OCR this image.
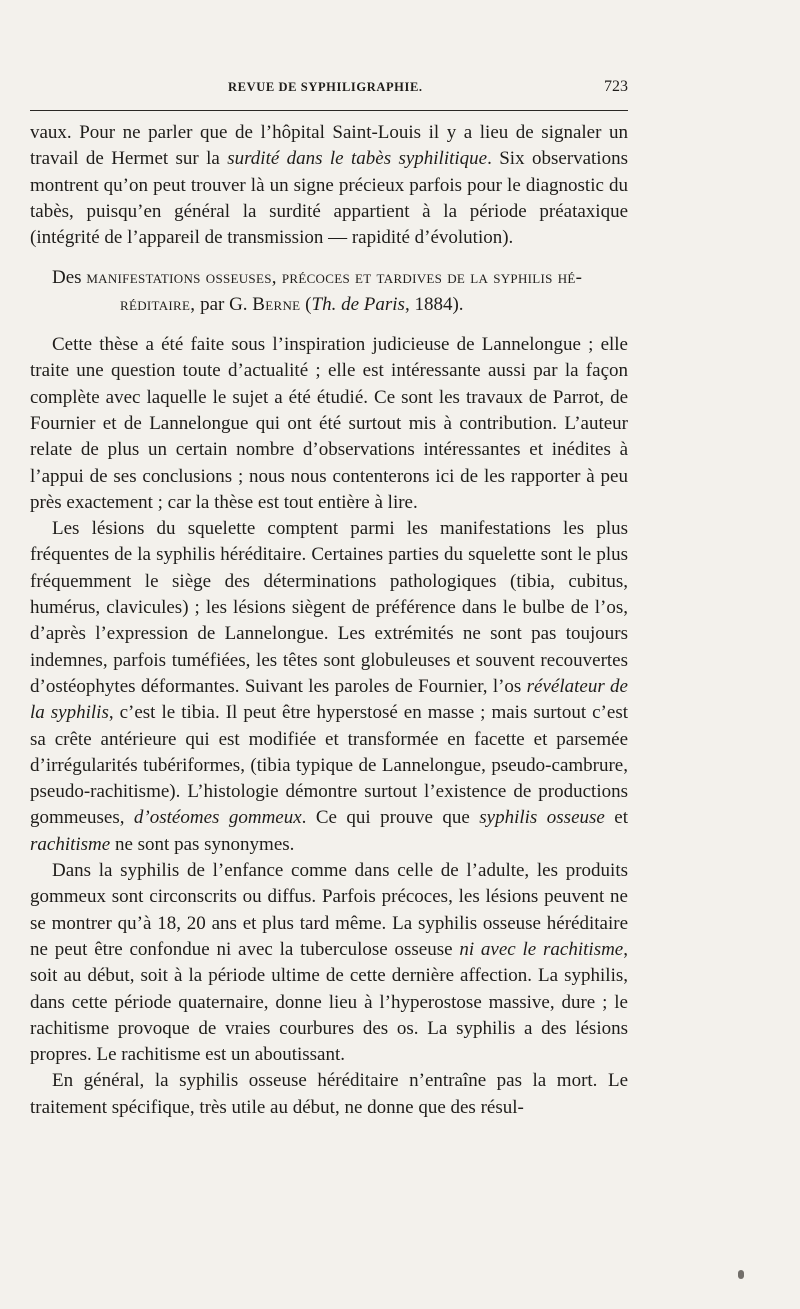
REVUE DE SYPHILIGRAPHIE.	723

vaux. Pour ne parler que de l’hôpital Saint-Louis il y a lieu de signaler un travail de Hermet sur la surdité dans le tabès syphilitique. Six observations montrent qu’on peut trouver là un signe précieux parfois pour le diagnostic du tabès, puisqu’en général la surdité appartient à la période préataxique (intégrité de l’appareil de transmission — rapidité d’évolution).

Des manifestations osseuses, précoces et tardives de la syphilis hé-
réditaire, par G. Berne (Th. de Paris, 1884).

Cette thèse a été faite sous l’inspiration judicieuse de Lannelongue ; elle traite une question toute d’actualité ; elle est intéressante aussi par la façon complète avec laquelle le sujet a été étudié. Ce sont les travaux de Parrot, de Fournier et de Lannelongue qui ont été surtout mis à contribution. L’auteur relate de plus un certain nombre d’observations intéressantes et inédites à l’appui de ses conclusions ; nous nous contenterons ici de les rapporter à peu près exactement ; car la thèse est tout entière à lire.

Les lésions du squelette comptent parmi les manifestations les plus fréquentes de la syphilis héréditaire. Certaines parties du squelette sont le plus fréquemment le siège des déterminations pathologiques (tibia, cubitus, humérus, clavicules) ; les lésions siègent de préférence dans le bulbe de l’os, d’après l’expression de Lannelongue. Les extrémités ne sont pas toujours indemnes, parfois tuméfiées, les têtes sont globuleuses et souvent recouvertes d’ostéophytes déformantes. Suivant les paroles de Fournier, l’os révélateur de la syphilis, c’est le tibia. Il peut être hyperstosé en masse ; mais surtout c’est sa crête antérieure qui est modifiée et transformée en facette et parsemée d’irrégularités tubériformes, (tibia typique de Lannelongue, pseudo-cambrure, pseudo-rachitisme). L’histologie démontre surtout l’existence de productions gommeuses, d’ostéomes gommeux. Ce qui prouve que syphilis osseuse et rachitisme ne sont pas synonymes.

Dans la syphilis de l’enfance comme dans celle de l’adulte, les produits gommeux sont circonscrits ou diffus. Parfois précoces, les lésions peuvent ne se montrer qu’à 18, 20 ans et plus tard même. La syphilis osseuse héréditaire ne peut être confondue ni avec la tuberculose osseuse ni avec le rachitisme, soit au début, soit à la période ultime de cette dernière affection. La syphilis, dans cette période quaternaire, donne lieu à l’hyperostose massive, dure ; le rachitisme provoque de vraies courbures des os. La syphilis a des lésions propres. Le rachitisme est un aboutissant.

En général, la syphilis osseuse héréditaire n’entraîne pas la mort. Le traitement spécifique, très utile au début, ne donne que des résul-
